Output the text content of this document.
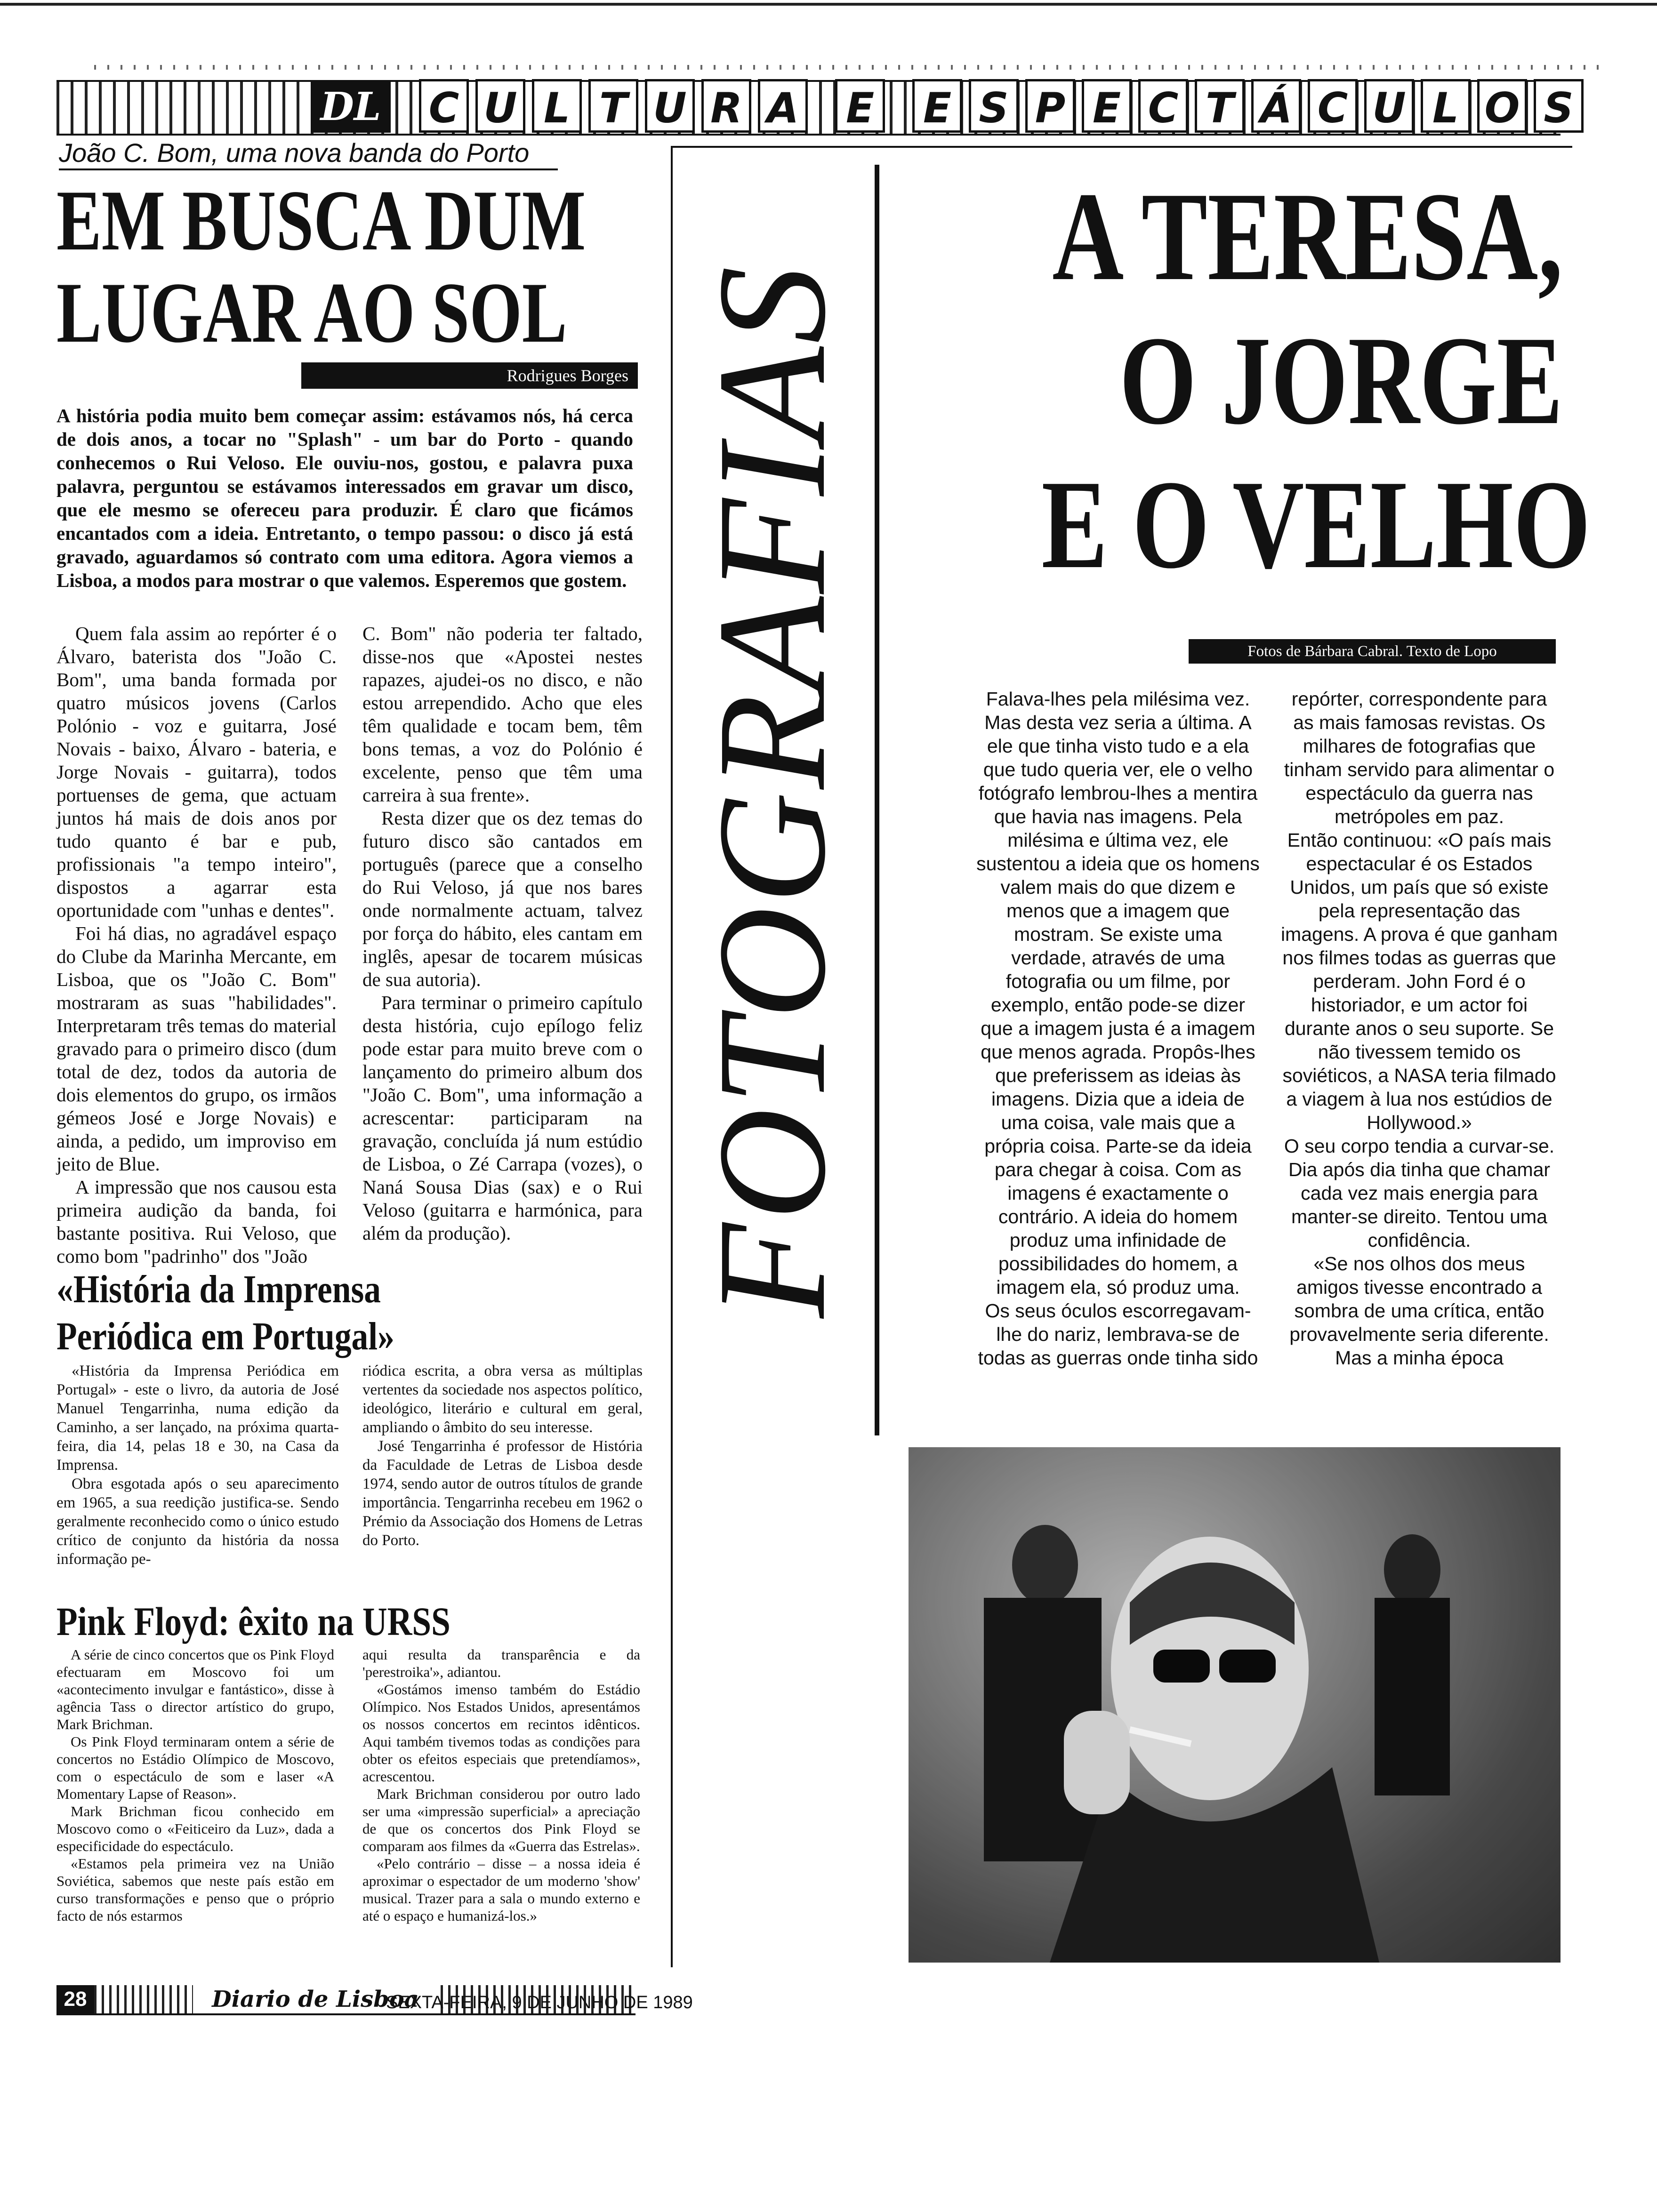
DL C U L T U R A E E S P E C T Á C U L O S
João C. Bom, uma nova banda do Porto
EM BUSCA DUM
LUGAR AO SOL
Rodrigues Borges

A história podia muito bem começar assim: estávamos nós, há cerca de dois anos, a tocar no "Splash" - um bar do Porto - quando conhecemos o Rui Veloso. Ele ouviu-nos, gostou, e palavra puxa palavra, perguntou se estávamos interessados em gravar um disco, que ele mesmo se ofereceu para produzir. É claro que ficámos encantados com a ideia. Entretanto, o tempo passou: o disco já está gravado, aguardamos só contrato com uma editora. Agora viemos a Lisboa, a modos para mostrar o que valemos. Esperemos que gostem.

Quem fala assim ao repórter é o Álvaro, baterista dos "João C. Bom", uma banda formada por quatro músicos jovens (Carlos Polónio - voz e guitarra, José Novais - baixo, Álvaro - bateria, e Jorge Novais - guitarra), todos portuenses de gema, que actuam juntos há mais de dois anos por tudo quanto é bar e pub, profissionais "a tempo inteiro", dispostos a agarrar esta oportunidade com "unhas e dentes".

Foi há dias, no agradável espaço do Clube da Marinha Mercante, em Lisboa, que os "João C. Bom" mostraram as suas "habilidades". Interpretaram três temas do material gravado para o primeiro disco (dum total de dez, todos da autoria de dois elementos do grupo, os irmãos gémeos José e Jorge Novais) e ainda, a pedido, um improviso em jeito de Blue.

A impressão que nos causou esta primeira audição da banda, foi bastante positiva. Rui Veloso, que como bom "padrinho" dos "João

C. Bom" não poderia ter faltado, disse-nos que «Apostei nestes rapazes, ajudei-os no disco, e não estou arrependido. Acho que eles têm qualidade e tocam bem, têm bons temas, a voz do Polónio é excelente, penso que têm uma carreira à sua frente».

Resta dizer que os dez temas do futuro disco são cantados em português (parece que a conselho do Rui Veloso, já que nos bares onde normalmente actuam, talvez por força do hábito, eles cantam em inglês, apesar de tocarem músicas de sua autoria).

Para terminar o primeiro capítulo desta história, cujo epílogo feliz pode estar para muito breve com o lançamento do primeiro album dos "João C. Bom", uma informação a acrescentar: participaram na gravação, concluída já num estúdio de Lisboa, o Zé Carrapa (vozes), o Naná Sousa Dias (sax) e o Rui Veloso (guitarra e harmónica, para além da produção).

«História da Imprensa
Periódica em Portugal»

«História da Imprensa Periódica em Portugal» - este o livro, da autoria de José Manuel Tengarrinha, numa edição da Caminho, a ser lançado, na próxima quarta-feira, dia 14, pelas 18 e 30, na Casa da Imprensa.

Obra esgotada após o seu aparecimento em 1965, a sua reedição justifica-se. Sendo geralmente reconhecido como o único estudo crítico de conjunto da história da nossa informação pe-

riódica escrita, a obra versa as múltiplas vertentes da sociedade nos aspectos político, ideológico, literário e cultural em geral, ampliando o âmbito do seu interesse.

José Tengarrinha é professor de História da Faculdade de Letras de Lisboa desde 1974, sendo autor de outros títulos de grande importância. Tengarrinha recebeu em 1962 o Prémio da Associação dos Homens de Letras do Porto.

Pink Floyd: êxito na URSS

A série de cinco concertos que os Pink Floyd efectuaram em Moscovo foi um «acontecimento invulgar e fantástico», disse à agência Tass o director artístico do grupo, Mark Brichman.

Os Pink Floyd terminaram ontem a série de concertos no Estádio Olímpico de Moscovo, com o espectáculo de som e laser «A Momentary Lapse of Reason».

Mark Brichman ficou conhecido em Moscovo como o «Feiticeiro da Luz», dada a especificidade do espectáculo.

«Estamos pela primeira vez na União Soviética, sabemos que neste país estão em curso transformações e penso que o próprio facto de nós estarmos

aqui resulta da transparência e da 'perestroika'», adiantou.

«Gostámos imenso também do Estádio Olímpico. Nos Estados Unidos, apresentámos os nossos concertos em recintos idênticos. Aqui também tivemos todas as condições para obter os efeitos especiais que pretendíamos», acrescentou.

Mark Brichman considerou por outro lado ser uma «impressão superficial» a apreciação de que os concertos dos Pink Floyd se comparam aos filmes da «Guerra das Estrelas».

«Pelo contrário – disse – a nossa ideia é aproximar o espectador de um moderno 'show' musical. Trazer para a sala o mundo externo e até o espaço e humanizá-los.»

FOTOGRAFIAS
A TERESA,
O JORGE
E O VELHO
Fotos de Bárbara Cabral. Texto de Lopo

Falava-lhes pela milésima vez. Mas desta vez seria a última. A ele que tinha visto tudo e a ela que tudo queria ver, ele o velho fotógrafo lembrou-lhes a mentira que havia nas imagens. Pela milésima e última vez, ele sustentou a ideia que os homens valem mais do que dizem e menos que a imagem que mostram. Se existe uma verdade, através de uma fotografia ou um filme, por exemplo, então pode-se dizer que a imagem justa é a imagem que menos agrada. Propôs-lhes que preferissem as ideias às imagens. Dizia que a ideia de uma coisa, vale mais que a própria coisa. Parte-se da ideia para chegar à coisa. Com as imagens é exactamente o contrário. A ideia do homem produz uma infinidade de possibilidades do homem, a imagem ela, só produz uma.

Os seus óculos escorregavam-lhe do nariz, lembrava-se de todas as guerras onde tinha sido

repórter, correspondente para as mais famosas revistas. Os milhares de fotografias que tinham servido para alimentar o espectáculo da guerra nas metrópoles em paz.

Então continuou: «O país mais espectacular é os Estados Unidos, um país que só existe pela representação das imagens. A prova é que ganham nos filmes todas as guerras que perderam. John Ford é o historiador, e um actor foi durante anos o seu suporte. Se não tivessem temido os soviéticos, a NASA teria filmado a viagem à lua nos estúdios de Hollywood.»

O seu corpo tendia a curvar-se. Dia após dia tinha que chamar cada vez mais energia para manter-se direito. Tentou uma confidência.

«Se nos olhos dos meus amigos tivesse encontrado a sombra de uma crítica, então provavelmente seria diferente. Mas a minha época

28	Diario de Lisboa
SEXTA-FEIRA, 9 DE JUNHO DE 1989
